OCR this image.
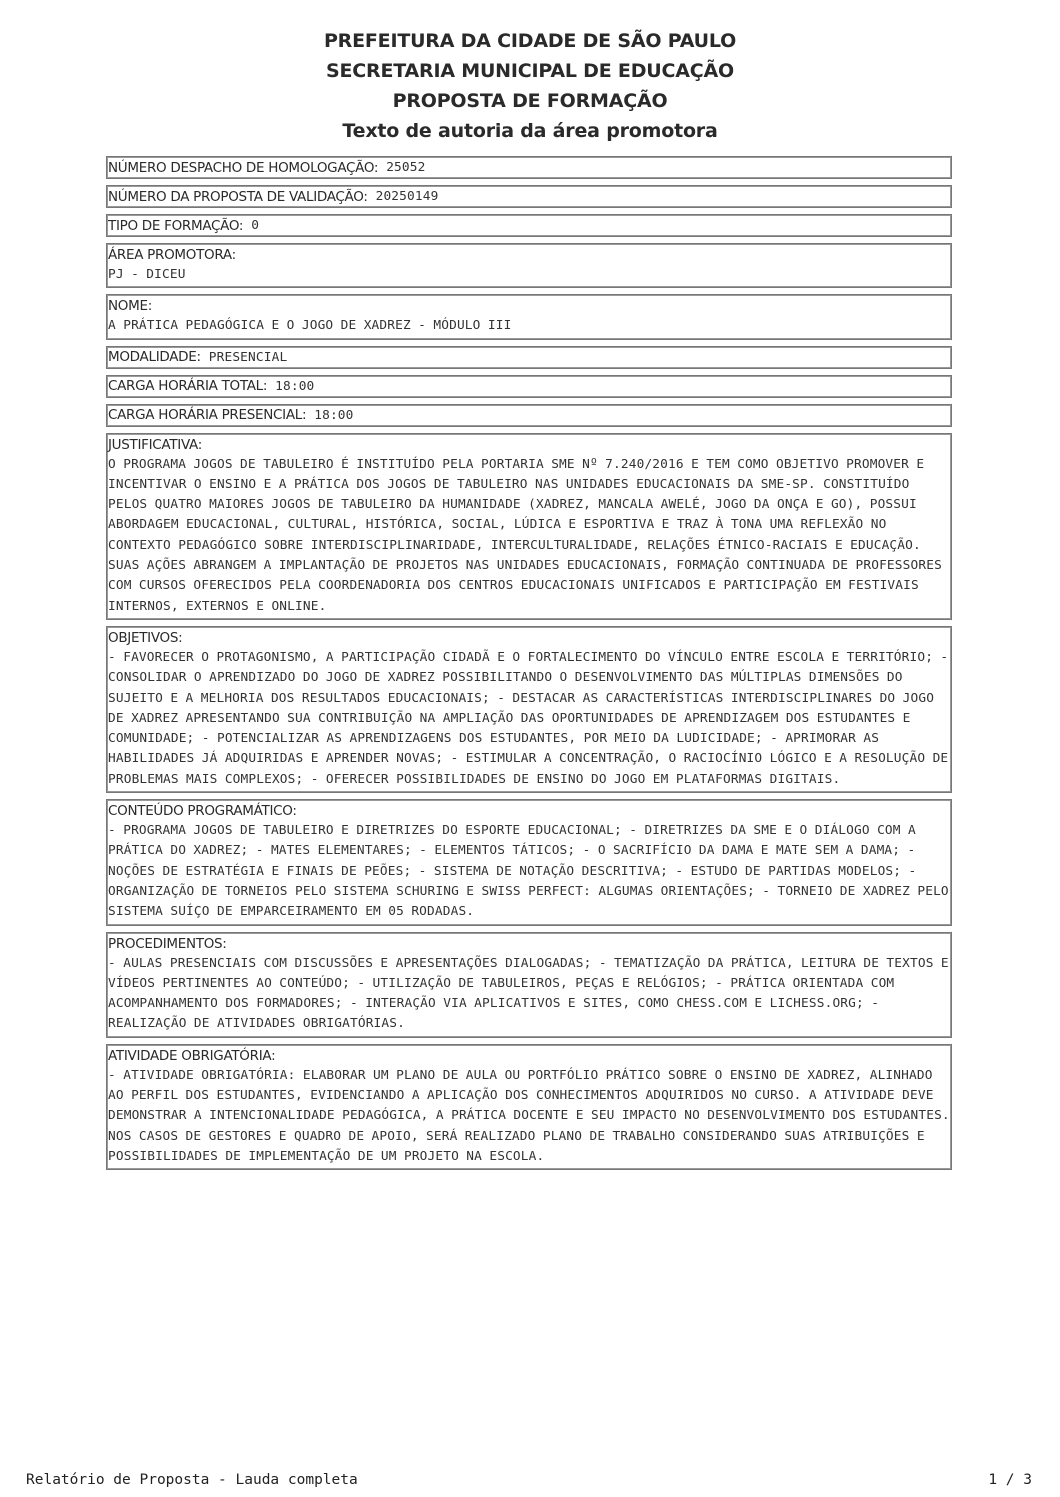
PREFEITURA DA CIDADE DE SÃO PAULO
SECRETARIA MUNICIPAL DE EDUCAÇÃO
PROPOSTA DE FORMAÇÃO
Texto de autoria da área promotora
NÚMERO DESPACHO DE HOMOLOGAÇÃO: 25052
NÚMERO DA PROPOSTA DE VALIDAÇÃO: 20250149
TIPO DE FORMAÇÃO: 0
ÁREA PROMOTORA:
PJ - DICEU
NOME:
A PRÁTICA PEDAGÓGICA E O JOGO DE XADREZ - MÓDULO III
MODALIDADE: PRESENCIAL
CARGA HORÁRIA TOTAL: 18:00
CARGA HORÁRIA PRESENCIAL: 18:00
JUSTIFICATIVA:
O PROGRAMA JOGOS DE TABULEIRO É INSTITUÍDO PELA PORTARIA SME Nº 7.240/2016 E TEM COMO OBJETIVO PROMOVER E INCENTIVAR O ENSINO E A PRÁTICA DOS JOGOS DE TABULEIRO NAS UNIDADES EDUCACIONAIS DA SME-SP. CONSTITUÍDO PELOS QUATRO MAIORES JOGOS DE TABULEIRO DA HUMANIDADE (XADREZ, MANCALA AWELÉ, JOGO DA ONÇA E GO), POSSUI ABORDAGEM EDUCACIONAL, CULTURAL, HISTÓRICA, SOCIAL, LÚDICA E ESPORTIVA E TRAZ À TONA UMA REFLEXÃO NO CONTEXTO PEDAGÓGICO SOBRE INTERDISCIPLINARIDADE, INTERCULTURALIDADE, RELAÇÕES ÉTNICO-RACIAIS E EDUCAÇÃO. SUAS AÇÕES ABRANGEM A IMPLANTAÇÃO DE PROJETOS NAS UNIDADES EDUCACIONAIS, FORMAÇÃO CONTINUADA DE PROFESSORES COM CURSOS OFERECIDOS PELA COORDENADORIA DOS CENTROS EDUCACIONAIS UNIFICADOS E PARTICIPAÇÃO EM FESTIVAIS INTERNOS, EXTERNOS E ONLINE.
OBJETIVOS:
- FAVORECER O PROTAGONISMO, A PARTICIPAÇÃO CIDADÃ E O FORTALECIMENTO DO VÍNCULO ENTRE ESCOLA E TERRITÓRIO; - CONSOLIDAR O APRENDIZADO DO JOGO DE XADREZ POSSIBILITANDO O DESENVOLVIMENTO DAS MÚLTIPLAS DIMENSÕES DO SUJEITO E A MELHORIA DOS RESULTADOS EDUCACIONAIS; - DESTACAR AS CARACTERÍSTICAS INTERDISCIPLINARES DO JOGO DE XADREZ APRESENTANDO SUA CONTRIBUIÇÃO NA AMPLIAÇÃO DAS OPORTUNIDADES DE APRENDIZAGEM DOS ESTUDANTES E COMUNIDADE; - POTENCIALIZAR AS APRENDIZAGENS DOS ESTUDANTES, POR MEIO DA LUDICIDADE; - APRIMORAR AS HABILIDADES JÁ ADQUIRIDAS E APRENDER NOVAS; - ESTIMULAR A CONCENTRAÇÃO, O RACIOCÍNIO LÓGICO E A RESOLUÇÃO DE PROBLEMAS MAIS COMPLEXOS; - OFERECER POSSIBILIDADES DE ENSINO DO JOGO EM PLATAFORMAS DIGITAIS.
CONTEÚDO PROGRAMÁTICO:
- PROGRAMA JOGOS DE TABULEIRO E DIRETRIZES DO ESPORTE EDUCACIONAL; - DIRETRIZES DA SME E O DIÁLOGO COM A PRÁTICA DO XADREZ; - MATES ELEMENTARES; - ELEMENTOS TÁTICOS; - O SACRIFÍCIO DA DAMA E MATE SEM A DAMA; - NOÇÕES DE ESTRATÉGIA E FINAIS DE PEÕES; - SISTEMA DE NOTAÇÃO DESCRITIVA; - ESTUDO DE PARTIDAS MODELOS; - ORGANIZAÇÃO DE TORNEIOS PELO SISTEMA SCHURING E SWISS PERFECT: ALGUMAS ORIENTAÇÕES; - TORNEIO DE XADREZ PELO SISTEMA SUÍÇO DE EMPARCEIRAMENTO EM 05 RODADAS.
PROCEDIMENTOS:
- AULAS PRESENCIAIS COM DISCUSSÕES E APRESENTAÇÕES DIALOGADAS; - TEMATIZAÇÃO DA PRÁTICA, LEITURA DE TEXTOS E VÍDEOS PERTINENTES AO CONTEÚDO; - UTILIZAÇÃO DE TABULEIROS, PEÇAS E RELÓGIOS; - PRÁTICA ORIENTADA COM ACOMPANHAMENTO DOS FORMADORES; - INTERAÇÃO VIA APLICATIVOS E SITES, COMO CHESS.COM E LICHESS.ORG; - REALIZAÇÃO DE ATIVIDADES OBRIGATÓRIAS.
ATIVIDADE OBRIGATÓRIA:
- ATIVIDADE OBRIGATÓRIA: ELABORAR UM PLANO DE AULA OU PORTFÓLIO PRÁTICO SOBRE O ENSINO DE XADREZ, ALINHADO AO PERFIL DOS ESTUDANTES, EVIDENCIANDO A APLICAÇÃO DOS CONHECIMENTOS ADQUIRIDOS NO CURSO. A ATIVIDADE DEVE DEMONSTRAR A INTENCIONALIDADE PEDAGÓGICA, A PRÁTICA DOCENTE E SEU IMPACTO NO DESENVOLVIMENTO DOS ESTUDANTES. NOS CASOS DE GESTORES E QUADRO DE APOIO, SERÁ REALIZADO PLANO DE TRABALHO CONSIDERANDO SUAS ATRIBUIÇÕES E POSSIBILIDADES DE IMPLEMENTAÇÃO DE UM PROJETO NA ESCOLA.
Relatório de Proposta - Lauda completa	1 / 3
